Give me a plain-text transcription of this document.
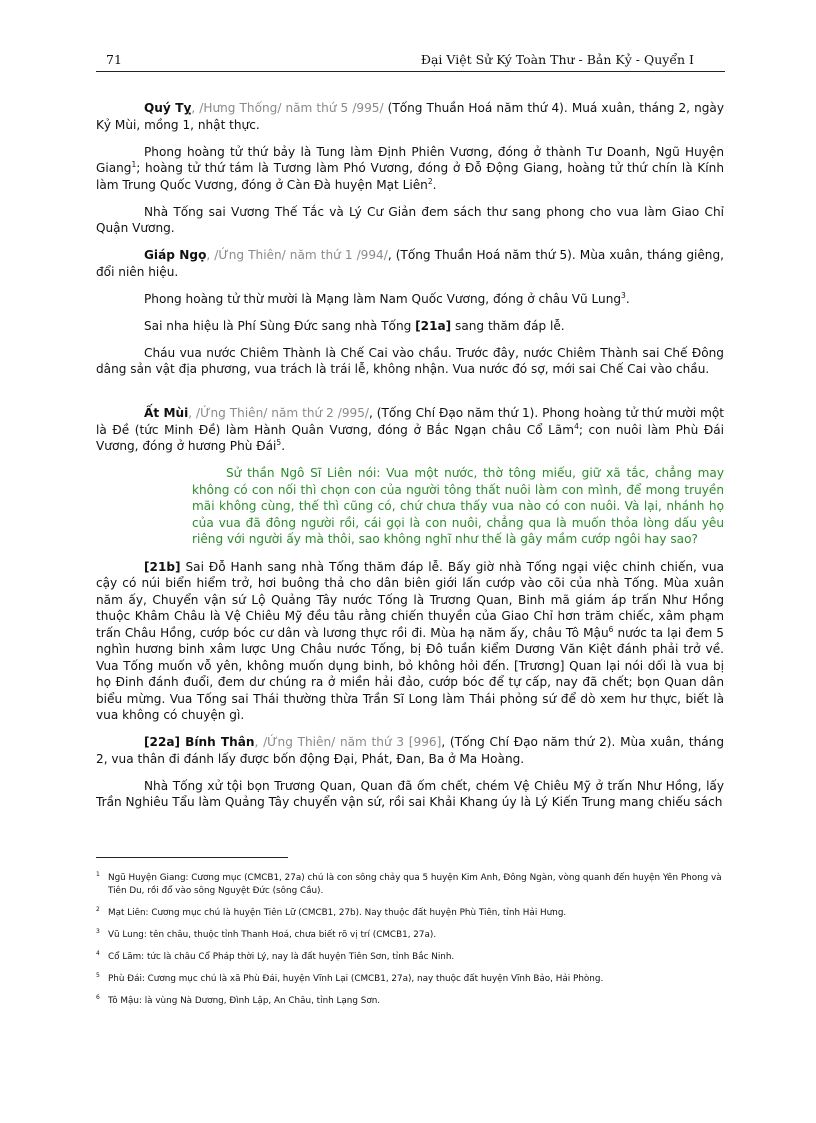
71	Đại Việt Sử Ký Toàn Thư - Bản Kỷ - Quyển I

Quý Tỵ, /Hưng Thống/ năm thứ 5 /995/ (Tống Thuần Hoá năm thứ 4). Muá xuân, tháng 2, ngày Kỷ Mùi, mồng 1, nhật thực.

Phong hoàng tử thứ bảy là Tung làm Định Phiên Vương, đóng ở thành Tư Doanh, Ngũ Huyện Giang$^1$; hoàng tử thứ tám là Tương làm Phó Vương, đóng ở Đỗ Động Giang, hoàng tử thứ chín là Kính làm Trung Quốc Vương, đóng ở Càn Đà huyện Mạt Liên$^2$.

Nhà Tống sai Vương Thế Tắc và Lý Cư Giản đem sách thư sang phong cho vua làm Giao Chỉ Quận Vương.

Giáp Ngọ, /Ứng Thiên/ năm thứ 1 /994/, (Tống Thuần Hoá năm thứ 5). Mùa xuân, tháng giêng, đổi niên hiệu.

Phong hoàng tử thừ mười là Mạng làm Nam Quốc Vương, đóng ở châu Vũ Lung$^3$.

Sai nha hiệu là Phí Sùng Đức sang nhà Tống [21a] sang thăm đáp lễ.

Cháu vua nước Chiêm Thành là Chế Cai vào chầu. Trước đây, nước Chiêm Thành sai Chế Đông dâng sản vật địa phương, vua trách là trái lễ, không nhận. Vua nước đó sợ, mới sai Chế Cai vào chầu.

Ất Mùi, /Ứng Thiên/ năm thứ 2 /995/, (Tống Chí Đạo năm thứ 1). Phong hoàng tử thứ mười một là Đề (tức Minh Đề) làm Hành Quân Vương, đóng ở Bắc Ngạn châu Cổ Lãm$^4$; con nuôi làm Phù Đái Vương, đóng ở hương Phù Đái$^5$.

Sử thần Ngô Sĩ Liên nói: Vua một nước, thờ tông miếu, giữ xã tắc, chẳng may không có con nối thì chọn con của người tông thất nuôi làm con mình, để mong truyền mãi không cùng, thế thì cũng có, chứ chưa thấy vua nào có con nuôi. Và lại, nhánh họ của vua đã đông người rồi, cái gọi là con nuôi, chẳng qua là muốn thỏa lòng dấu yêu riêng với người ấy mà thôi, sao không nghĩ như thế là gây mầm cướp ngôi hay sao?

[21b] Sai Đỗ Hanh sang nhà Tống thăm đáp lễ. Bấy giờ nhà Tống ngại việc chinh chiến, vua cậy có núi biển hiểm trở, hơi buông thả cho dân biên giới lấn cướp vào cõi của nhà Tống. Mùa xuân năm ấy, Chuyển vận sứ Lộ Quảng Tây nước Tống là Trương Quan, Binh mã giám áp trấn Như Hồng thuộc Khâm Châu là Vệ Chiêu Mỹ đều tâu rằng chiến thuyền của Giao Chỉ hơn trăm chiếc, xâm phạm trấn Châu Hồng, cướp bóc cư dân và lương thực rồi đi. Mùa hạ năm ấy, châu Tô Mậu$^6$ nước ta lại đem 5 nghìn hương binh xâm lược Ung Châu nước Tống, bị Đô tuần kiểm Dương Văn Kiệt đánh phải trở về. Vua Tống muốn vỗ yên, không muốn dụng binh, bỏ không hỏi đến. [Trương] Quan lại nói dối là vua bị họ Đinh đánh đuổi, đem dư chúng ra ở miền hải đảo, cướp bóc để tự cấp, nay đã chết; bọn Quan dân biểu mừng. Vua Tống sai Thái thường thừa Trần Sĩ Long làm Thái phỏng sứ để dò xem hư thực, biết là vua không có chuyện gì.

[22a] Bính Thân, /Ứng Thiên/ năm thứ 3 [996], (Tống Chí Đạo năm thứ 2). Mùa xuân, tháng 2, vua thân đi đánh lấy được bốn động Đại, Phát, Đan, Ba ở Ma Hoàng.

Nhà Tống xử tội bọn Trương Quan, Quan đã ốm chết, chém Vệ Chiêu Mỹ ở trấn Như Hồng, lấy Trần Nghiêu Tẩu làm Quảng Tây chuyển vận sứ, rồi sai Khải Khang úy là Lý Kiến Trung mang chiếu sách

1 Ngũ Huyện Giang: Cương mục (CMCB1, 27a) chú là con sông chảy qua 5 huyện Kim Anh, Đông Ngàn, vòng quanh đến huyện Yên Phong và Tiên Du, rồi đổ vào sông Nguyệt Đức (sông Cầu).

2 Mạt Liên: Cương mục chú là huyện Tiên Lữ (CMCB1, 27b). Nay thuộc đất huyện Phù Tiên, tỉnh Hải Hưng.

3 Vũ Lung: tên châu, thuộc tỉnh Thanh Hoá, chưa biết rõ vị trí (CMCB1, 27a).

4 Cổ Lãm: tức là châu Cổ Pháp thời Lý, nay là đất huyện Tiên Sơn, tỉnh Bắc Ninh.

5 Phù Đái: Cương mục chú là xã Phù Đái, huyện Vĩnh Lại (CMCB1, 27a), nay thuộc đất huyện Vĩnh Bảo, Hải Phòng.

6 Tô Mậu: là vùng Nà Dương, Đình Lập, An Châu, tỉnh Lạng Sơn.
